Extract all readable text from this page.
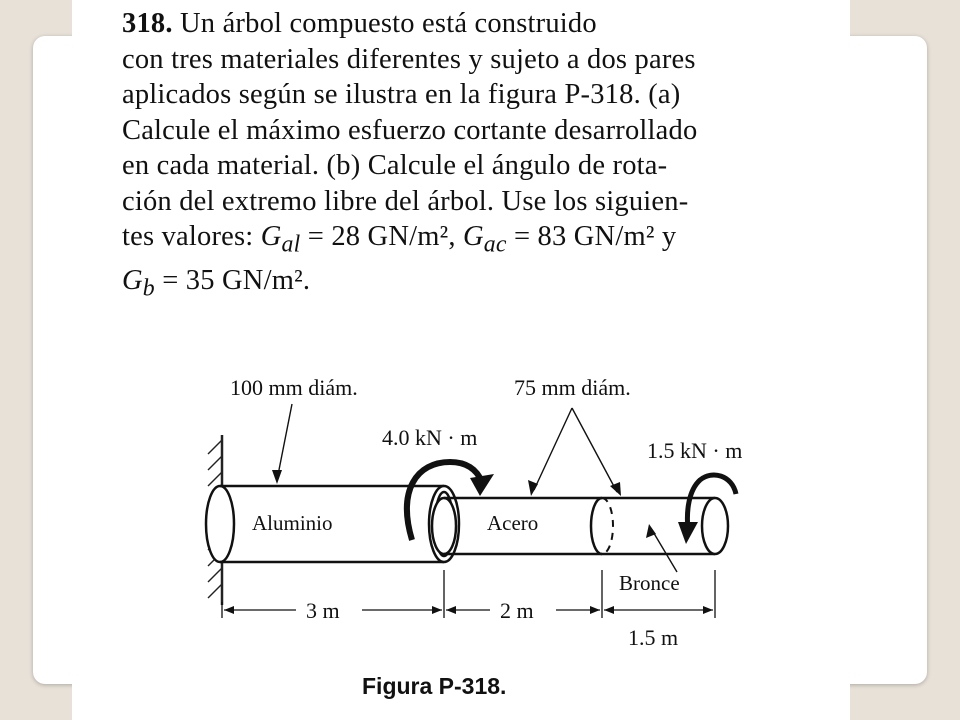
318. Un árbol compuesto está construido
con tres materiales diferentes y sujeto a dos pares
aplicados según se ilustra en la figura P-318. (a)
Calcule el máximo esfuerzo cortante desarrollado
en cada material. (b) Calcule el ángulo de rota-
ción del extremo libre del árbol. Use los siguien-
tes valores: $G_{al} = 28$ GN/m², $G_{ac} = 83$ GN/m² y
$G_b = 35$ GN/m².
100 mm diám.	75 mm diám.
4.0 kN · m
1.5 kN · m
Aluminio	Acero
Bronce
3 m	2 m
1.5 m
Figura P-318.
